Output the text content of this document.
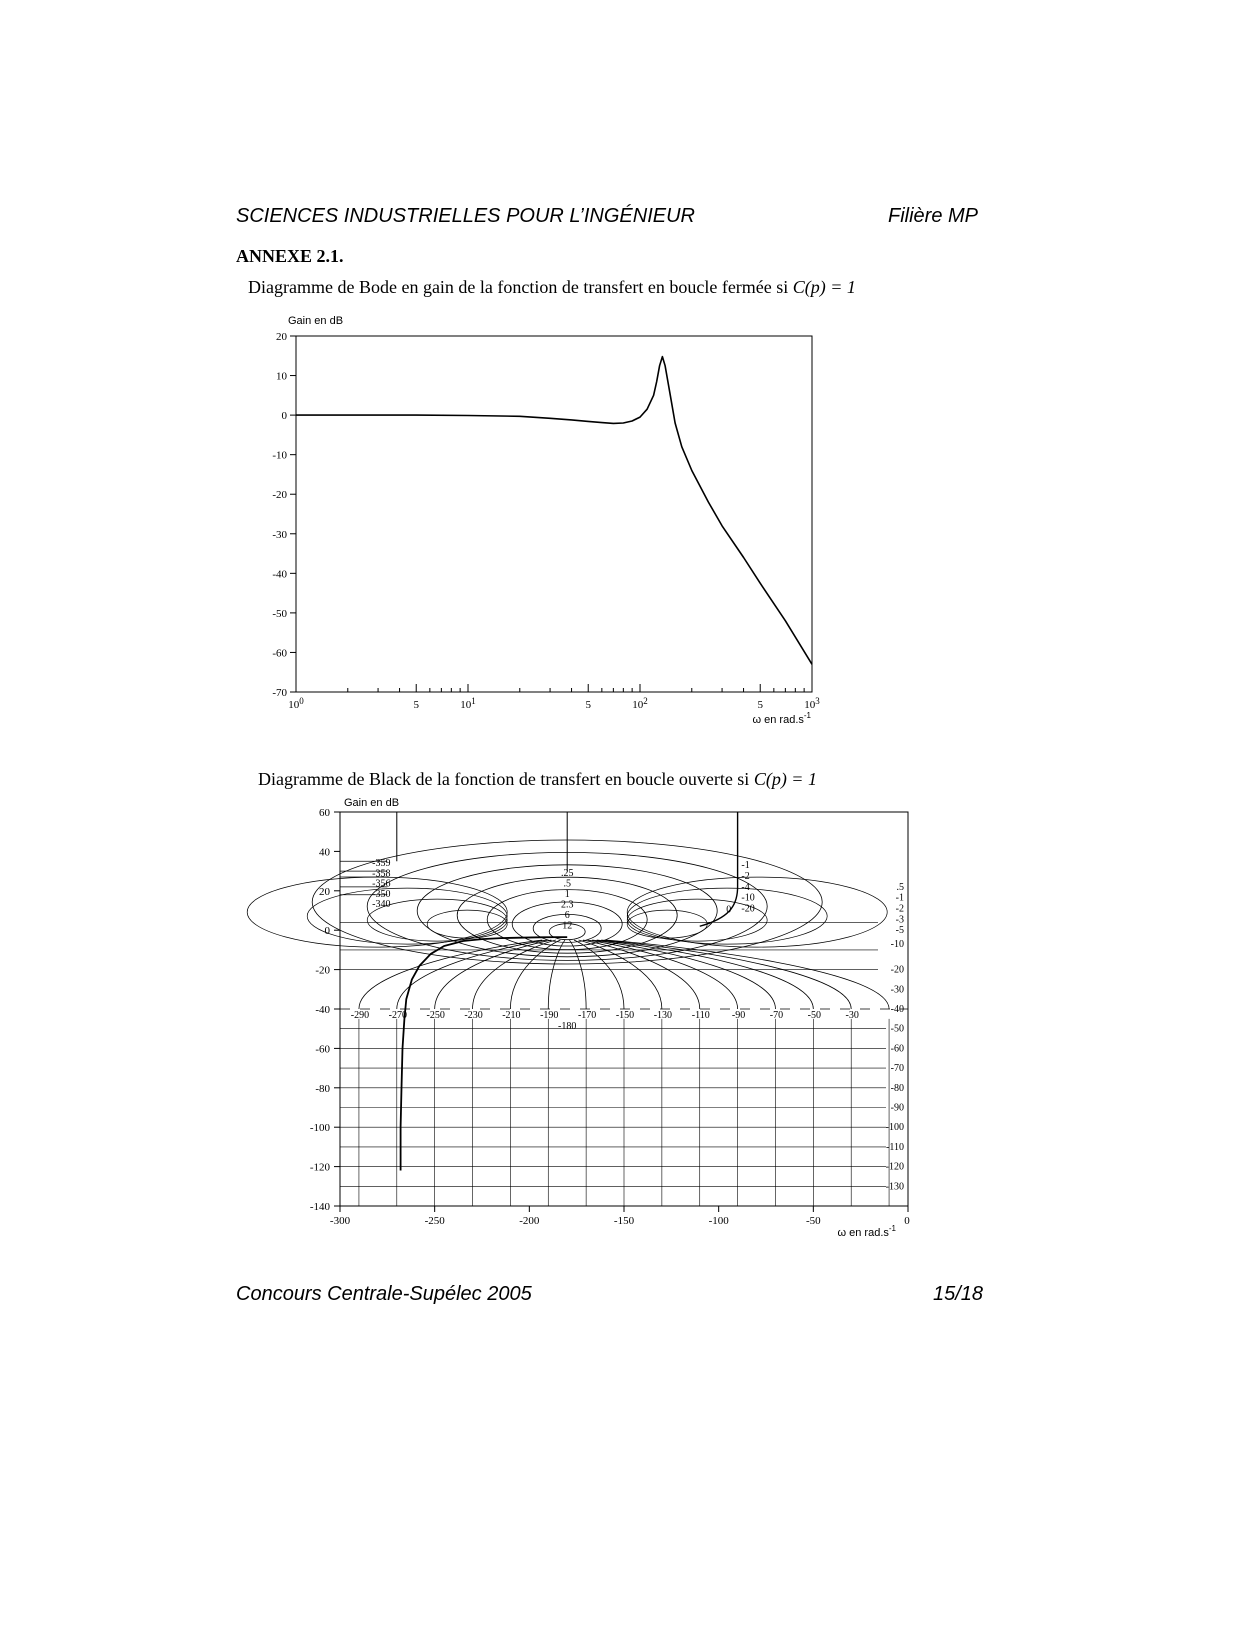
SCIENCES INDUSTRIELLES POUR L’INGÉNIEUR	Filière MP
ANNEXE 2.1.
Diagramme de Bode en gain de la fonction de transfert en boucle fermée si C(p) = 1
20
10
0
-10
-20
-30
-40
-50
-60
-70
$10^0$	5	$10^1$	5	$10^2$	5	$10^3$
Gain en dB
ω en $rad.s^{-1}$
Diagramme de Black de la fonction de transfert en boucle ouverte si C(p) = 1
60
40
20
0
-20
-40
-60
-80
-100
-120
-140
-300	-250	-200	-150	-100	-50	0
Gain en dB
ω en $rad.s^{-1}$
-359
-358
-356
-350
-340
.25
.5
1
2.3
6
12
0
-1
-2
-4
-10
-20
-290 -270 -250 -230 -210 -190 -170 -150 -130 -110 -90 -70 -50 -30
-180
.5
-1
-2
-3
-5
-10
-20
-30
-40
-50
-60
-70
-80
-90
-100
-110
-120
-130
Concours Centrale-Supélec 2005	15/18
